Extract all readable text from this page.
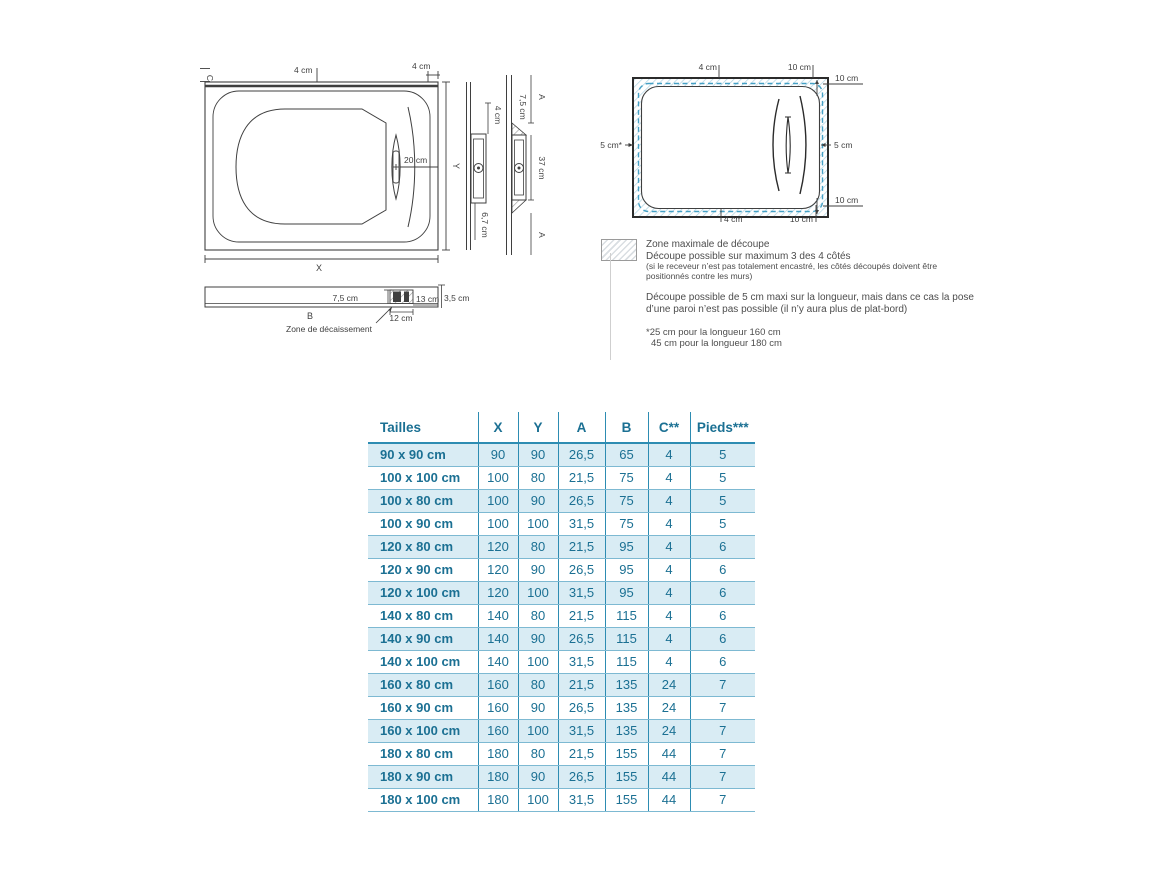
20 cm
C
4 cm	4 cm
Y
X
4 cm
6,7 cm
7,5 cm A
37 cm
A
7,5 cm	13 cm 3,5 cm
12 cm
B
Zone de décaissement
4 cm	10 cm
10 cm
5 cm*	5 cm
10 cm
4 cm	10 cm
Zone maximale de découpe
Découpe possible sur maximum 3 des 4 côtés
(si le receveur n’est pas totalement encastré, les côtés découpés doivent être
positionnés contre les murs)
Découpe possible de 5 cm maxi sur la longueur, mais dans ce cas la pose d’une paroi n’est pas possible (il n’y aura plus de plat-bord)
*25 cm pour la longueur 160 cm
45 cm pour la longueur 180 cm
Tailles	X	Y	A	B	C**	Pieds***
90 x 90 cm	90	90	26,5	65	4	5
100 x 100 cm	100	80	21,5	75	4	5
100 x 80 cm	100	90	26,5	75	4	5
100 x 90 cm	100	100	31,5	75	4	5
120 x 80 cm	120	80	21,5	95	4	6
120 x 90 cm	120	90	26,5	95	4	6
120 x 100 cm	120	100	31,5	95	4	6
140 x 80 cm	140	80	21,5	115	4	6
140 x 90 cm	140	90	26,5	115	4	6
140 x 100 cm	140	100	31,5	115	4	6
160 x 80 cm	160	80	21,5	135	24	7
160 x 90 cm	160	90	26,5	135	24	7
160 x 100 cm	160	100	31,5	135	24	7
180 x 80 cm	180	80	21,5	155	44	7
180 x 90 cm	180	90	26,5	155	44	7
180 x 100 cm	180	100	31,5	155	44	7
